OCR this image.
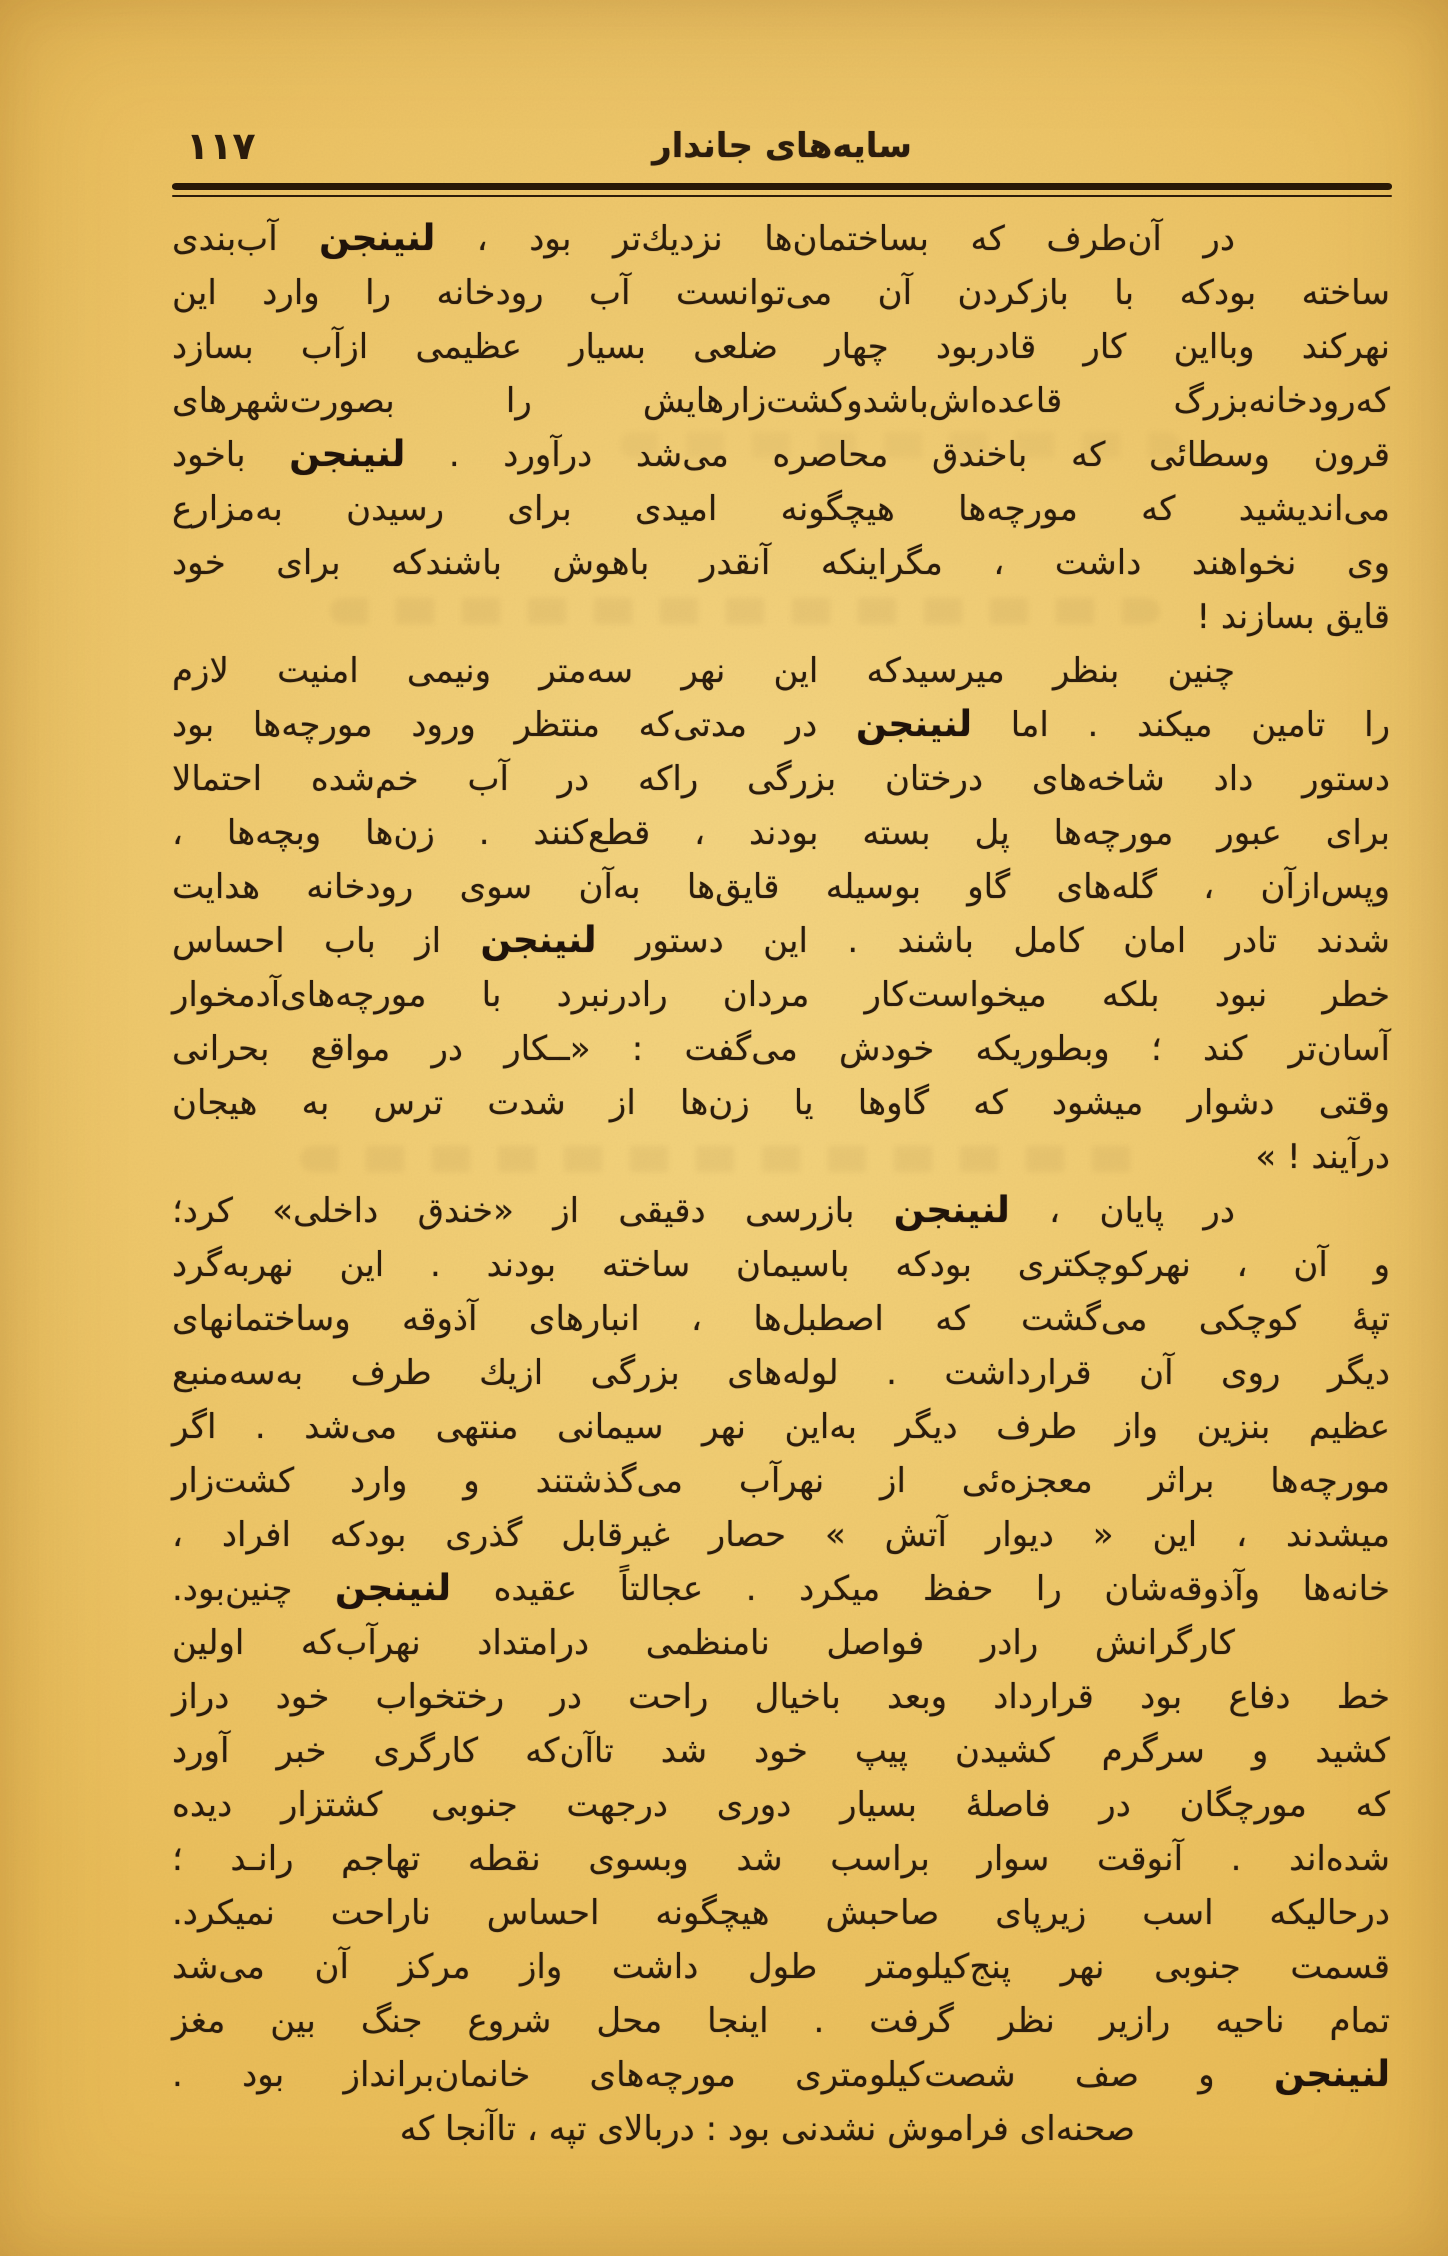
۱۱۷	سایه‌های جاندار
در آن‌طرف که بساختمان‌ها نزدیك‌تر بود ، لنینجن آب‌بندی
ساخته بودکه با بازکردن آن می‌توانست آب رودخانه را وارد این
نهرکند وبااین کار قادربود چهار ضلعی بسیار عظیمی ازآب بسازد
که‌رودخانه‌بزرگ قاعده‌اش‌باشدوکشت‌زارهایش را بصورت‌شهرهای
قرون وسطائی که باخندق محاصره می‌شد درآورد . لنینجن باخود
می‌اندیشید که مورچه‌ها هیچگونه امیدی برای رسیدن به‌مزارع
وی نخواهند داشت ، مگراینکه آنقدر باهوش باشندکه برای خود
قایق بسازند !
چنین بنظر میرسیدکه این نهر سه‌متر ونیمی امنیت لازم
را تامین میکند . اما لنینجن در مدتی‌که منتظر ورود مورچه‌ها بود
دستور داد شاخه‌های درختان بزرگی راکه در آب خم‌شده احتمالا
برای عبور مورچه‌ها پل بسته بودند ، قطع‌کنند . زن‌ها وبچه‌ها ،
وپس‌ازآن ، گله‌های گاو بوسیله قایق‌ها به‌آن سوی رودخانه هدایت
شدند تادر امان کامل باشند . این دستور لنینجن از باب احساس
خطر نبود بلکه میخواست‌کار مردان رادرنبرد با مورچه‌های‌آدمخوار
آسان‌تر کند ؛ وبطوریکه خودش می‌گفت : «ــکار در مواقع بحرانی
وقتی دشوار میشود که گاوها یا زن‌ها از شدت ترس به هیجان
درآیند ! »
در پایان ، لنینجن بازرسی دقیقی از «خندق داخلی» کرد؛
و آن ، نهرکوچکتری بودکه باسیمان ساخته بودند . این نهربه‌گرد
تپهٔ کوچکی می‌گشت که اصطبل‌ها ، انبارهای آذوقه وساختمانهای
دیگر روی آن قرارداشت . لوله‌های بزرگی ازیك طرف به‌سه‌منبع
عظیم بنزین واز طرف دیگر به‌این نهر سیمانی منتهی می‌شد . اگر
مورچه‌ها براثر معجزه‌ئی از نهرآب می‌گذشتند و وارد کشت‌زار
میشدند ، این « دیوار آتش » حصار غیرقابل گذری بودکه افراد ،
خانه‌ها وآذوقه‌شان را حفظ میکرد . عجالتاً عقیده لنینجن چنین‌بود.
کارگرانش رادر فواصل نامنظمی درامتداد نهرآب‌که اولین
خط دفاع بود قرارداد وبعد باخیال راحت در رختخواب خود دراز
کشید و سرگرم کشیدن پیپ خود شد تاآن‌که کارگری خبر آورد
که مورچگان در فاصلهٔ بسیار دوری درجهت جنوبی کشتزار دیده
شده‌اند . آنوقت سوار براسب شد وبسوی نقطه تهاجم رانـد ؛
درحالیکه اسب زیرپای صاحبش هیچگونه احساس ناراحت نمیکرد.
قسمت جنوبی نهر پنج‌کیلومتر طول داشت واز مرکز آن می‌شد
تمام ناحیه رازیر نظر گرفت . اینجا محل شروع جنگ بین مغز
لنینجن و صف شصت‌کیلومتری مورچه‌های خانمان‌برانداز بود .
صحنه‌ای فراموش نشدنی بود : دربالای تپه ، تاآنجا که
